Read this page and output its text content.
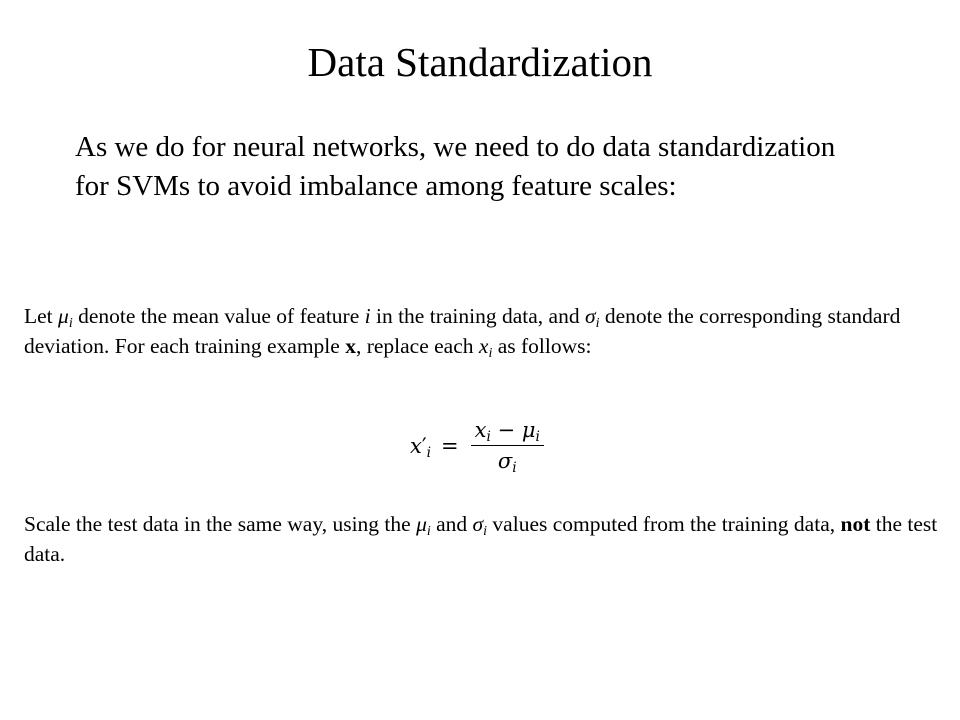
Data Standardization
As we do for neural networks, we need to do data standardization for SVMs to avoid imbalance among feature scales:
Let $\mu_i$ denote the mean value of feature i in the training data, and $\sigma_i$ denote the corresponding standard deviation. For each training example x, replace each $x_i$ as follows:
$x'_i = \frac{x_i - \mu_i}{\sigma_i}$
Scale the test data in the same way, using the $\mu_i$ and $\sigma_i$ values computed from the training data, not the test data.
